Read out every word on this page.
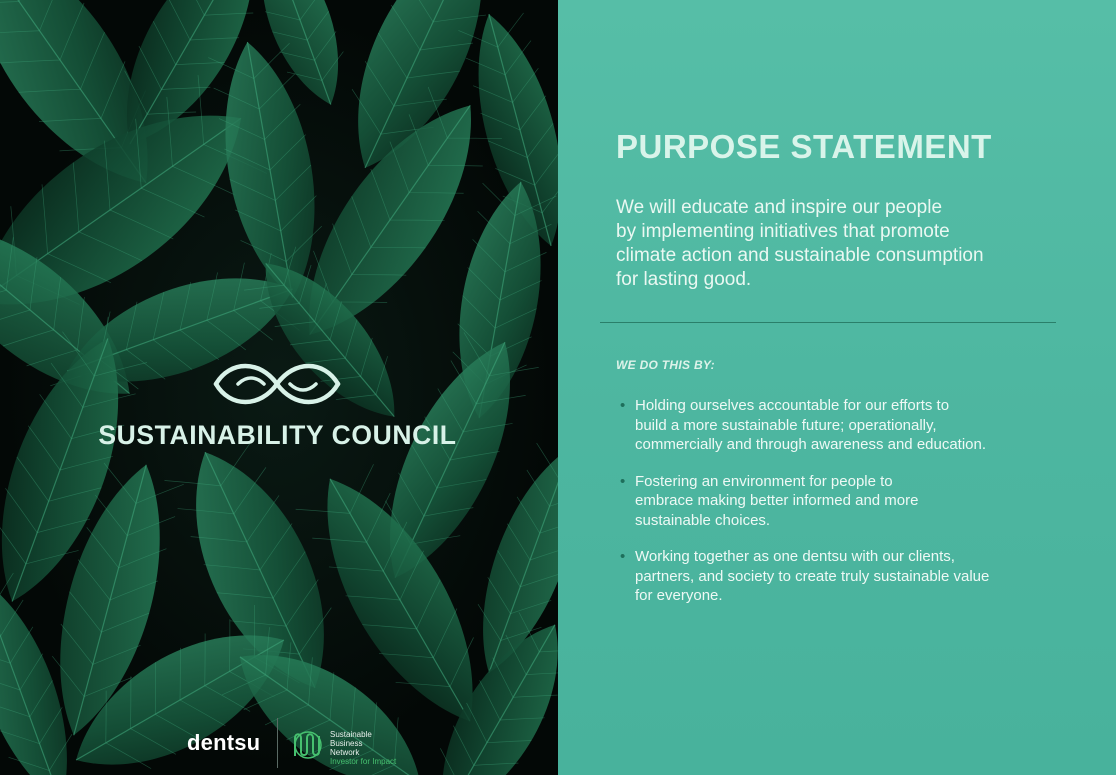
SUSTAINABILITY COUNCIL
dentsu	Sustainable
Business
Network
Investor for Impact
PURPOSE STATEMENT
We will educate and inspire our people
by implementing initiatives that promote
climate action and sustainable consumption
for lasting good.
WE DO THIS BY:
• Holding ourselves accountable for our efforts to
build a more sustainable future; operationally,
commercially and through awareness and education.
• Fostering an environment for people to
embrace making better informed and more
sustainable choices.
• Working together as one dentsu with our clients,
partners, and society to create truly sustainable value
for everyone.
